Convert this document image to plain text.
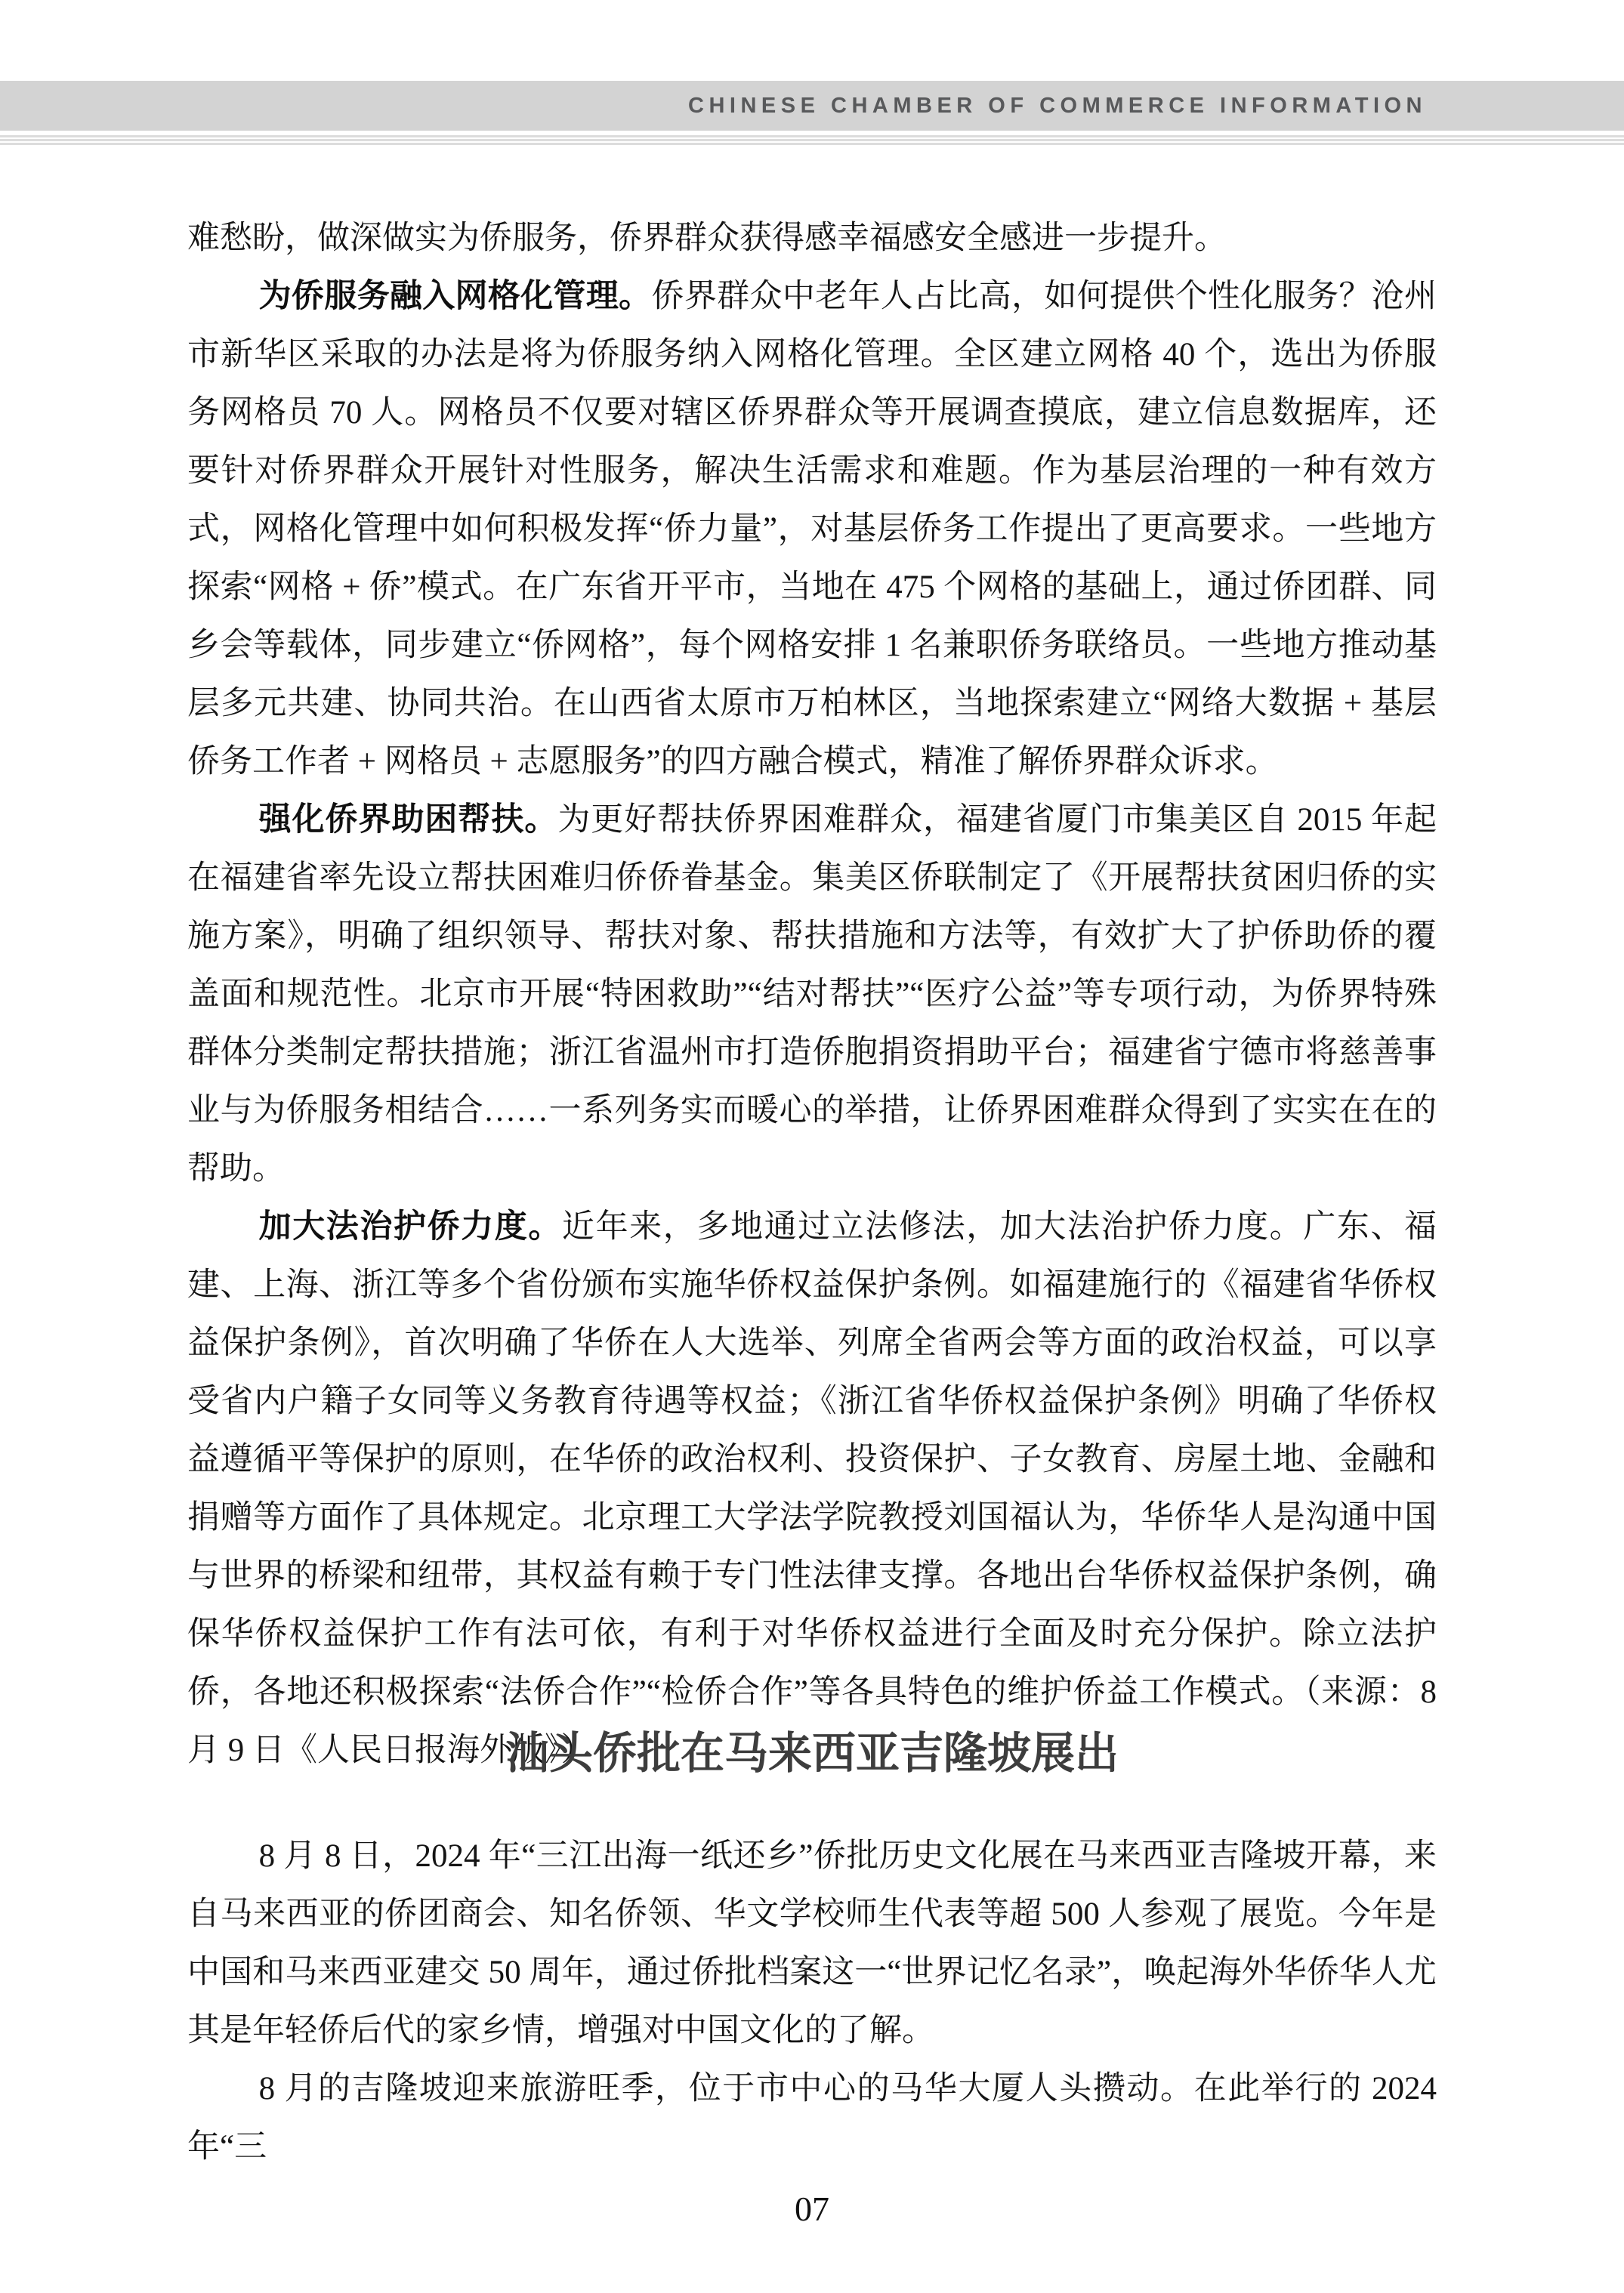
CHINESE CHAMBER OF COMMERCE INFORMATION

难愁盼，做深做实为侨服务，侨界群众获得感幸福感安全感进一步提升。

为侨服务融入网格化管理。侨界群众中老年人占比高，如何提供个性化服务？沧州市新华区采取的办法是将为侨服务纳入网格化管理。全区建立网格 40 个，选出为侨服务网格员 70 人。网格员不仅要对辖区侨界群众等开展调查摸底，建立信息数据库，还要针对侨界群众开展针对性服务，解决生活需求和难题。作为基层治理的一种有效方式，网格化管理中如何积极发挥“侨力量”，对基层侨务工作提出了更高要求。一些地方探索“网格 + 侨”模式。在广东省开平市，当地在 475 个网格的基础上，通过侨团群、同乡会等载体，同步建立“侨网格”，每个网格安排 1 名兼职侨务联络员。一些地方推动基层多元共建、协同共治。在山西省太原市万柏林区，当地探索建立“网络大数据 + 基层侨务工作者 + 网格员 + 志愿服务”的四方融合模式，精准了解侨界群众诉求。

强化侨界助困帮扶。为更好帮扶侨界困难群众，福建省厦门市集美区自 2015 年起在福建省率先设立帮扶困难归侨侨眷基金。集美区侨联制定了《开展帮扶贫困归侨的实施方案》，明确了组织领导、帮扶对象、帮扶措施和方法等，有效扩大了护侨助侨的覆盖面和规范性。北京市开展“特困救助”“结对帮扶”“医疗公益”等专项行动，为侨界特殊群体分类制定帮扶措施；浙江省温州市打造侨胞捐资捐助平台；福建省宁德市将慈善事业与为侨服务相结合……一系列务实而暖心的举措，让侨界困难群众得到了实实在在的帮助。

加大法治护侨力度。近年来，多地通过立法修法，加大法治护侨力度。广东、福建、上海、浙江等多个省份颁布实施华侨权益保护条例。如福建施行的《福建省华侨权益保护条例》，首次明确了华侨在人大选举、列席全省两会等方面的政治权益，可以享受省内户籍子女同等义务教育待遇等权益；《浙江省华侨权益保护条例》明确了华侨权益遵循平等保护的原则，在华侨的政治权利、投资保护、子女教育、房屋土地、金融和捐赠等方面作了具体规定。北京理工大学法学院教授刘国福认为，华侨华人是沟通中国与世界的桥梁和纽带，其权益有赖于专门性法律支撑。各地出台华侨权益保护条例，确保华侨权益保护工作有法可依，有利于对华侨权益进行全面及时充分保护。除立法护侨，各地还积极探索“法侨合作”“检侨合作”等各具特色的维护侨益工作模式。（来源：8 月 9 日《人民日报海外版》）

汕头侨批在马来西亚吉隆坡展出

8 月 8 日，2024 年“三江出海一纸还乡”侨批历史文化展在马来西亚吉隆坡开幕，来自马来西亚的侨团商会、知名侨领、华文学校师生代表等超 500 人参观了展览。今年是中国和马来西亚建交 50 周年，通过侨批档案这一“世界记忆名录”，唤起海外华侨华人尤其是年轻侨后代的家乡情，增强对中国文化的了解。

8 月的吉隆坡迎来旅游旺季，位于市中心的马华大厦人头攒动。在此举行的 2024 年“三

07
